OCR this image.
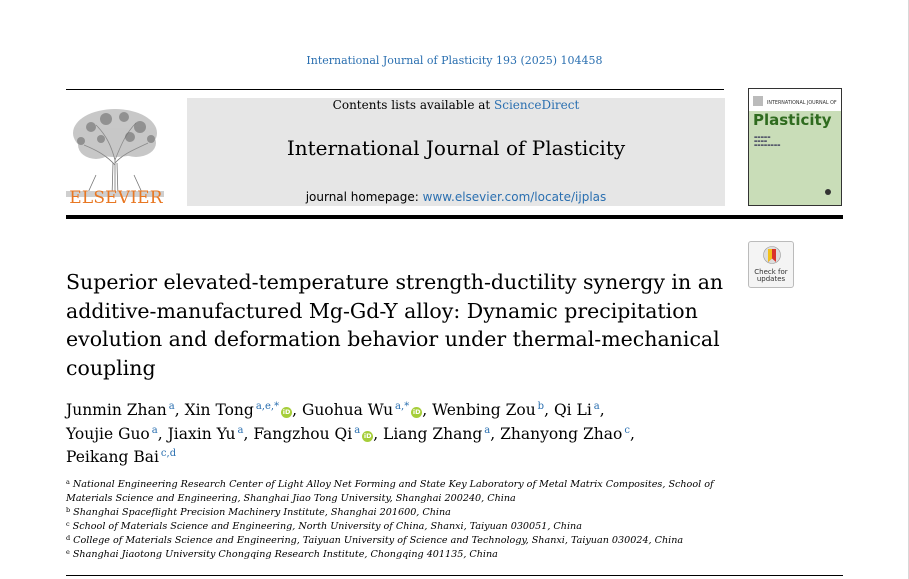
International Journal of Plasticity 193 (2025) 104458
ELSEVIER
Contents lists available at ScienceDirect
International Journal of Plasticity
journal homepage: www.elsevier.com/locate/ijplas
INTERNATIONAL JOURNAL OF
Plasticity
▬▬▬▬▬
▬▬▬▬
▬▬▬▬▬▬▬▬
Check for
updates
Superior elevated-temperature strength-ductility synergy in an additive-manufactured Mg-Gd-Y alloy: Dynamic precipitation evolution and deformation behavior under thermal-mechanical coupling
Junmin Zhan $^a$, Xin Tong $^{a,e,*}$ iD , Guohua Wu $^{a,*}$ iD , Wenbing Zou $^b$, Qi Li $^a$, Youjie Guo $^a$, Jiaxin Yu $^a$, Fangzhou Qi $^a$ iD , Liang Zhang $^a$, Zhanyong Zhao $^c$, Peikang Bai $^{c,d}$

$^a$ National Engineering Research Center of Light Alloy Net Forming and State Key Laboratory of Metal Matrix Composites, School of Materials Science and Engineering, Shanghai Jiao Tong University, Shanghai 200240, China

$^b$ Shanghai Spaceflight Precision Machinery Institute, Shanghai 201600, China

$^c$ School of Materials Science and Engineering, North University of China, Shanxi, Taiyuan 030051, China

$^d$ College of Materials Science and Engineering, Taiyuan University of Science and Technology, Shanxi, Taiyuan 030024, China

$^e$ Shanghai Jiaotong University Chongqing Research Institute, Chongqing 401135, China
